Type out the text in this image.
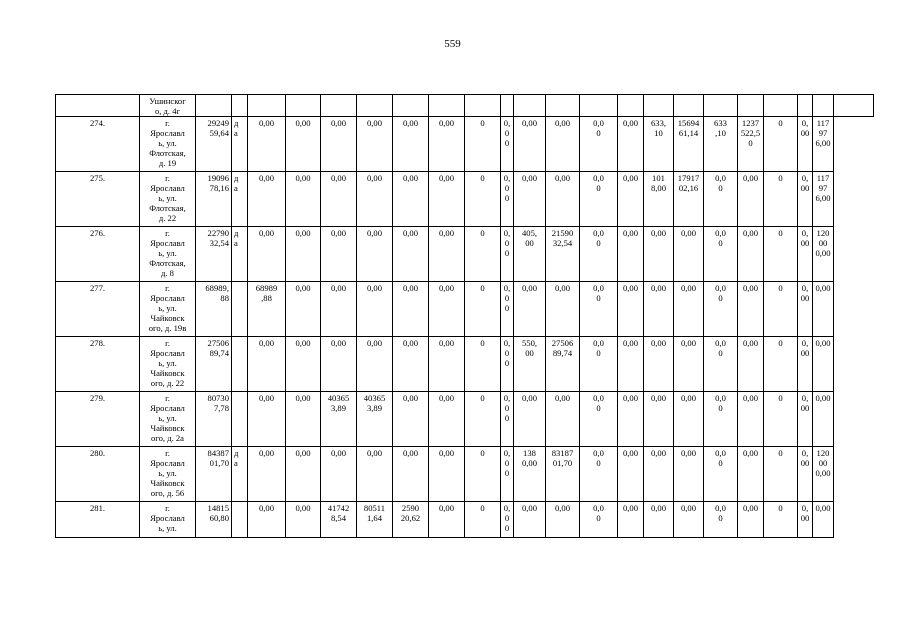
559
	Ушинског
о, д. 4г																						
274.	г.
Ярославл
ь, ул.
Флотская,
д. 19	29249
59,64	д
а	0,00	0,00	0,00	0,00	0,00	0,00	0	0,00	0,00	0,00	0,0
0	0,00	633,
10	15694
61,14	633
,10	1237
522,5
0	0	0,00	11797
6,00	
275.	г.
Ярославл
ь, ул.
Флотская,
д. 22	19096
78,16	д
а	0,00	0,00	0,00	0,00	0,00	0,00	0	0,00	0,00	0,00	0,0
0	0,00	101
8,00	17917
02,16	0,0
0	0,00	0	0,00	11797
6,00	
276.	г.
Ярославл
ь, ул.
Флотская,
д. 8	22790
32,54	д
а	0,00	0,00	0,00	0,00	0,00	0,00	0	0,00	405,
00	21590
32,54	0,0
0	0,00	0,00	0,00	0,0
0	0,00	0	0,00	12000
0,00	
277.	г.
Ярославл
ь, ул.
Чайковск
ого, д. 19в	68989,
88		68989
,88	0,00	0,00	0,00	0,00	0,00	0	0,00	0,00	0,00	0,0
0	0,00	0,00	0,00	0,0
0	0,00	0	0,00	0,00	
278.	г.
Ярославл
ь, ул.
Чайковск
ого, д. 22	27506
89,74		0,00	0,00	0,00	0,00	0,00	0,00	0	0,00	550,
00	27506
89,74	0,0
0	0,00	0,00	0,00	0,0
0	0,00	0	0,00	0,00	
279.	г.
Ярославл
ь, ул.
Чайковск
ого, д. 2а	80730
7,78		0,00	0,00	40365
3,89	40365
3,89	0,00	0,00	0	0,00	0,00	0,00	0,0
0	0,00	0,00	0,00	0,0
0	0,00	0	0,00	0,00	
280.	г.
Ярославл
ь, ул.
Чайковск
ого, д. 56	84387
01,70	д
а	0,00	0,00	0,00	0,00	0,00	0,00	0	0,00	138
0,00	83187
01,70	0,0
0	0,00	0,00	0,00	0,0
0	0,00	0	0,00	12000
0,00	
281.	г.
Ярославл
ь, ул.	14815
60,80		0,00	0,00	41742
8,54	80511
1,64	2590
20,62	0,00	0	0,00	0,00	0,00	0,0
0	0,00	0,00	0,00	0,0
0	0,00	0	0,00	0,00	
